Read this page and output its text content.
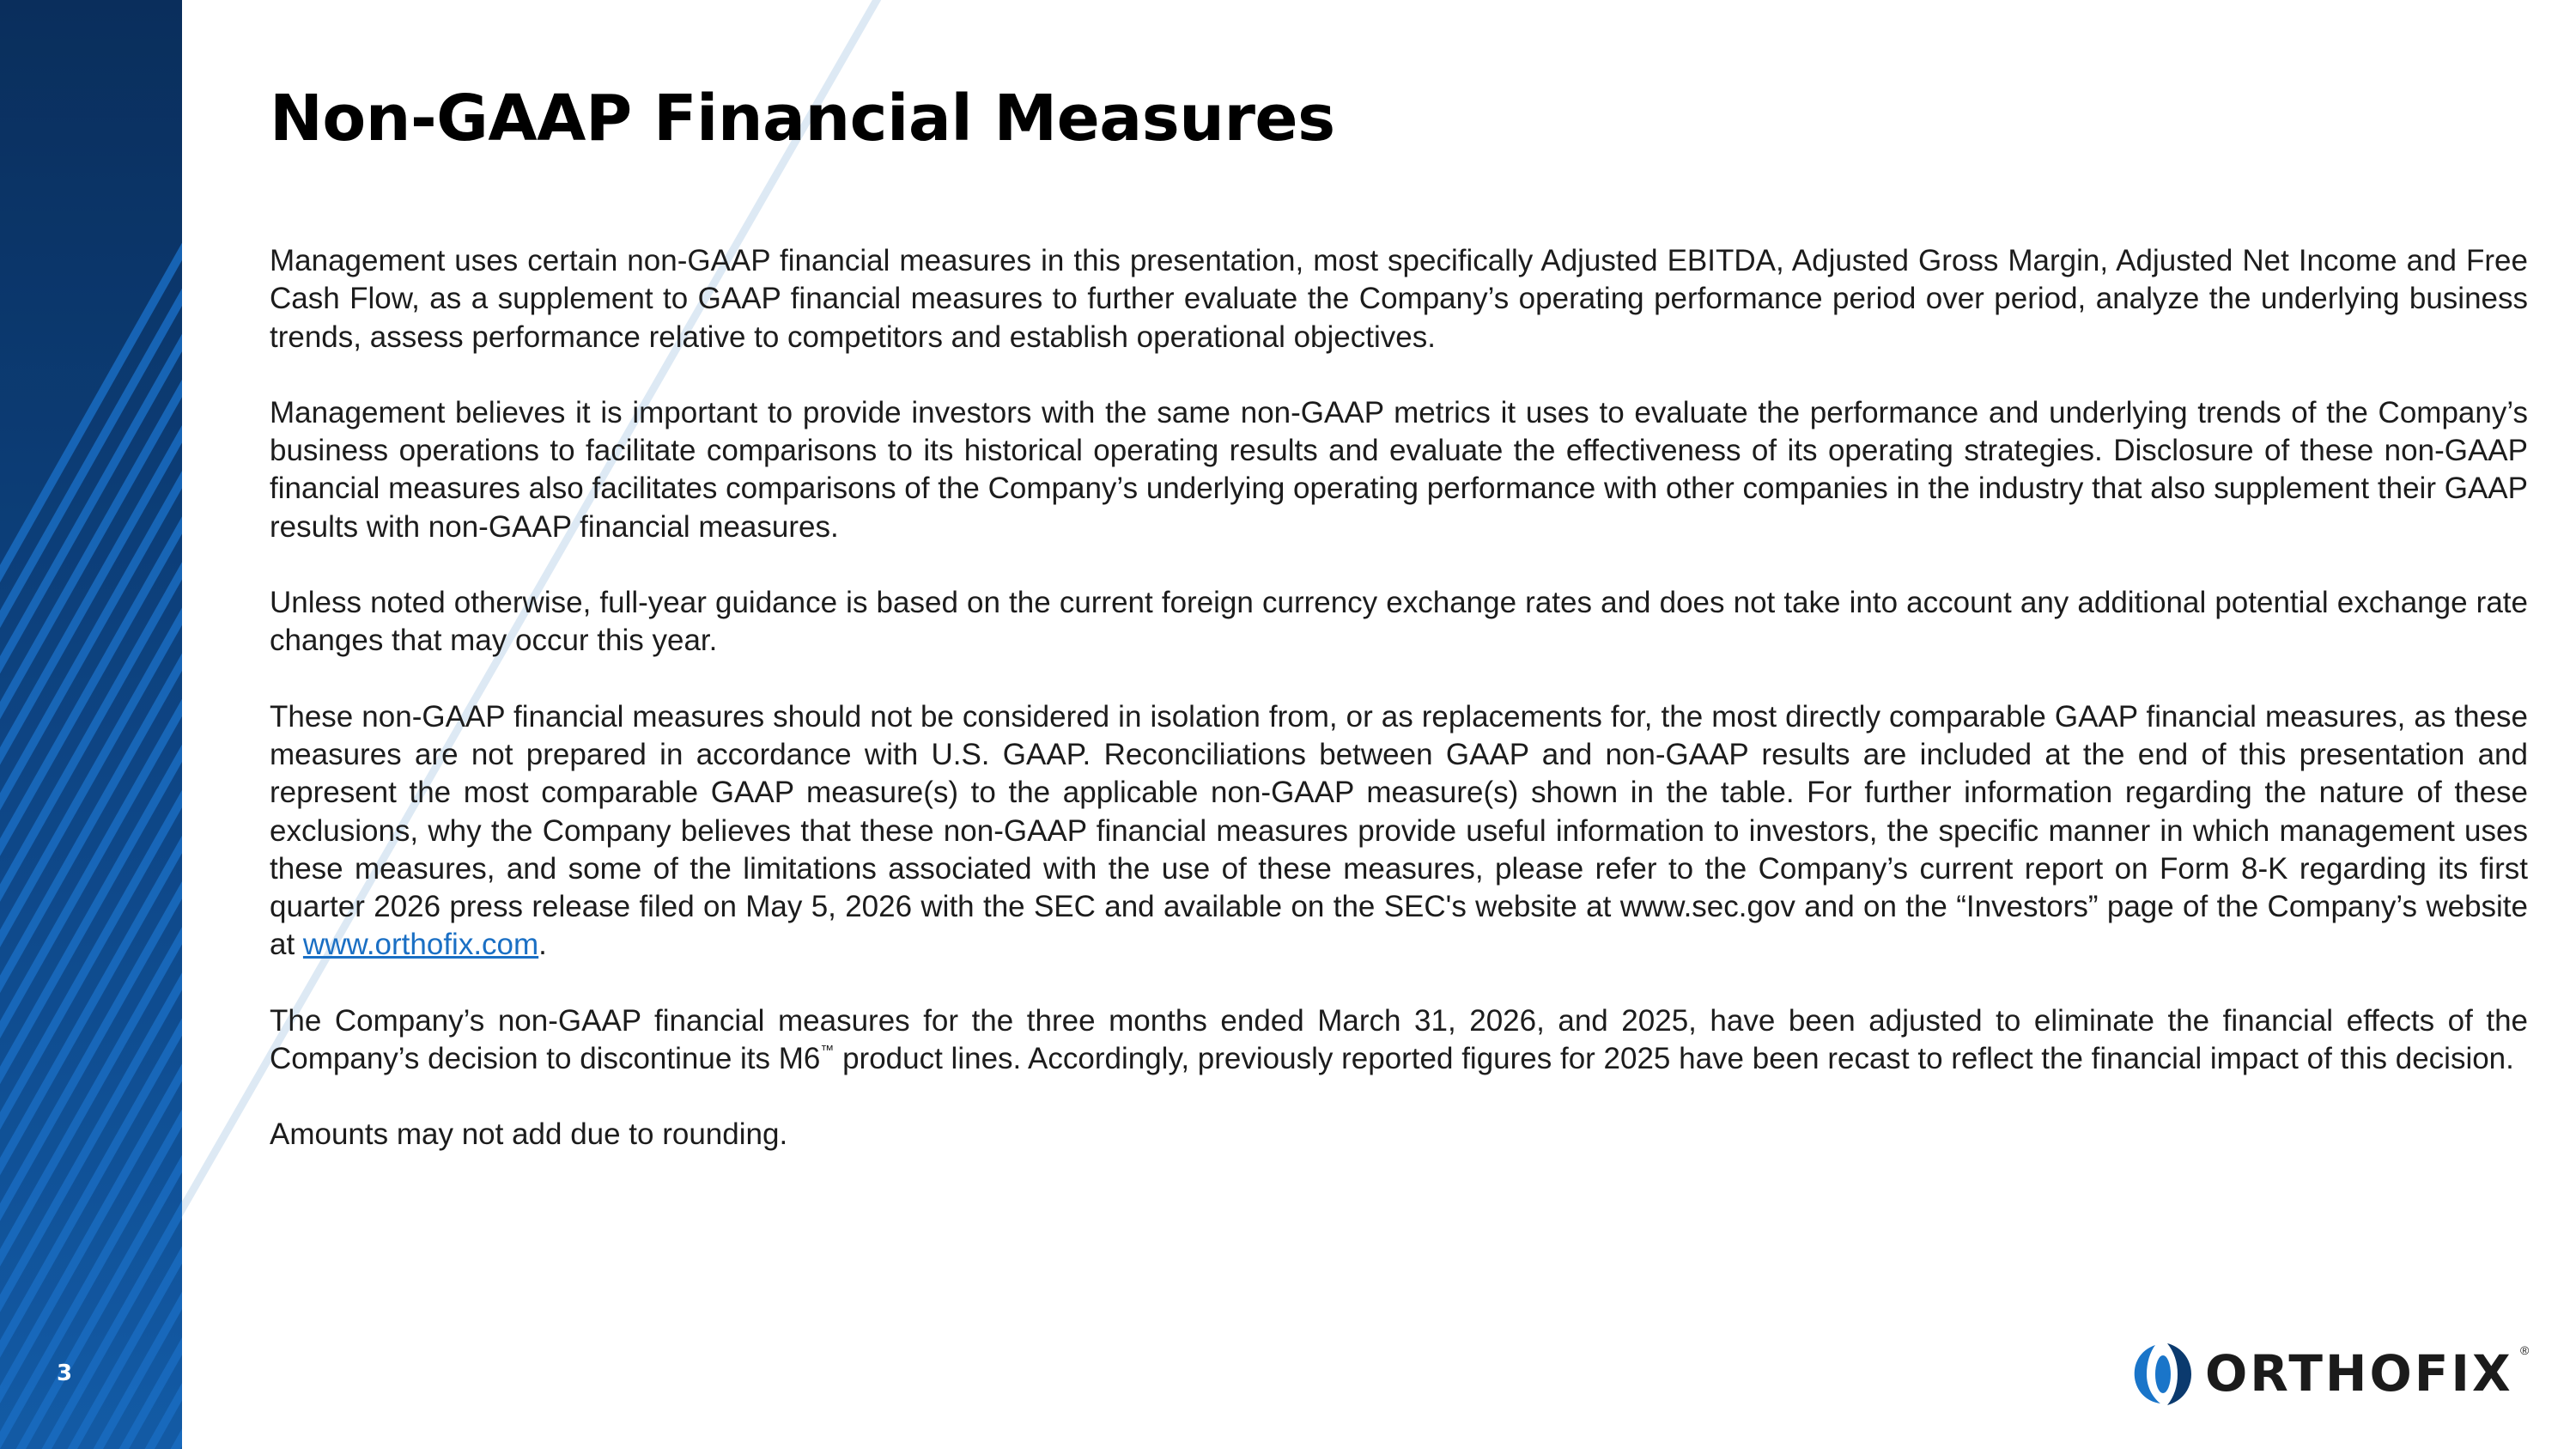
Non-GAAP Financial Measures

Management uses certain non-GAAP financial measures in this presentation, most specifically Adjusted EBITDA, Adjusted Gross Margin, Adjusted Net Income and Free Cash Flow, as a supplement to GAAP financial measures to further evaluate the Company’s operating performance period over period, analyze the underlying business trends, assess performance relative to competitors and establish operational objectives.

Management believes it is important to provide investors with the same non-GAAP metrics it uses to evaluate the performance and underlying trends of the Company’s business operations to facilitate comparisons to its historical operating results and evaluate the effectiveness of its operating strategies. Disclosure of these non-GAAP financial measures also facilitates comparisons of the Company’s underlying operating performance with other companies in the industry that also supplement their GAAP results with non-GAAP financial measures.

Unless noted otherwise, full-year guidance is based on the current foreign currency exchange rates and does not take into account any additional potential exchange rate changes that may occur this year.

These non-GAAP financial measures should not be considered in isolation from, or as replacements for, the most directly comparable GAAP financial measures, as these measures are not prepared in accordance with U.S. GAAP. Reconciliations between GAAP and non-GAAP results are included at the end of this presentation and represent the most comparable GAAP measure(s) to the applicable non-GAAP measure(s) shown in the table. For further information regarding the nature of these exclusions, why the Company believes that these non-GAAP financial measures provide useful information to investors, the specific manner in which management uses these measures, and some of the limitations associated with the use of these measures, please refer to the Company’s current report on Form 8-K regarding its first quarter 2026 press release filed on May 5, 2026 with the SEC and available on the SEC's website at www.sec.gov and on the “Investors” page of the Company’s website at www.orthofix.com.

The Company’s non-GAAP financial measures for the three months ended March 31, 2026, and 2025, have been adjusted to eliminate the financial effects of the Company’s decision to discontinue its M6™ product lines. Accordingly, previously reported figures for 2025 have been recast to reflect the financial impact of this decision.

Amounts may not add due to rounding.

3	ORTHOFIX ®
